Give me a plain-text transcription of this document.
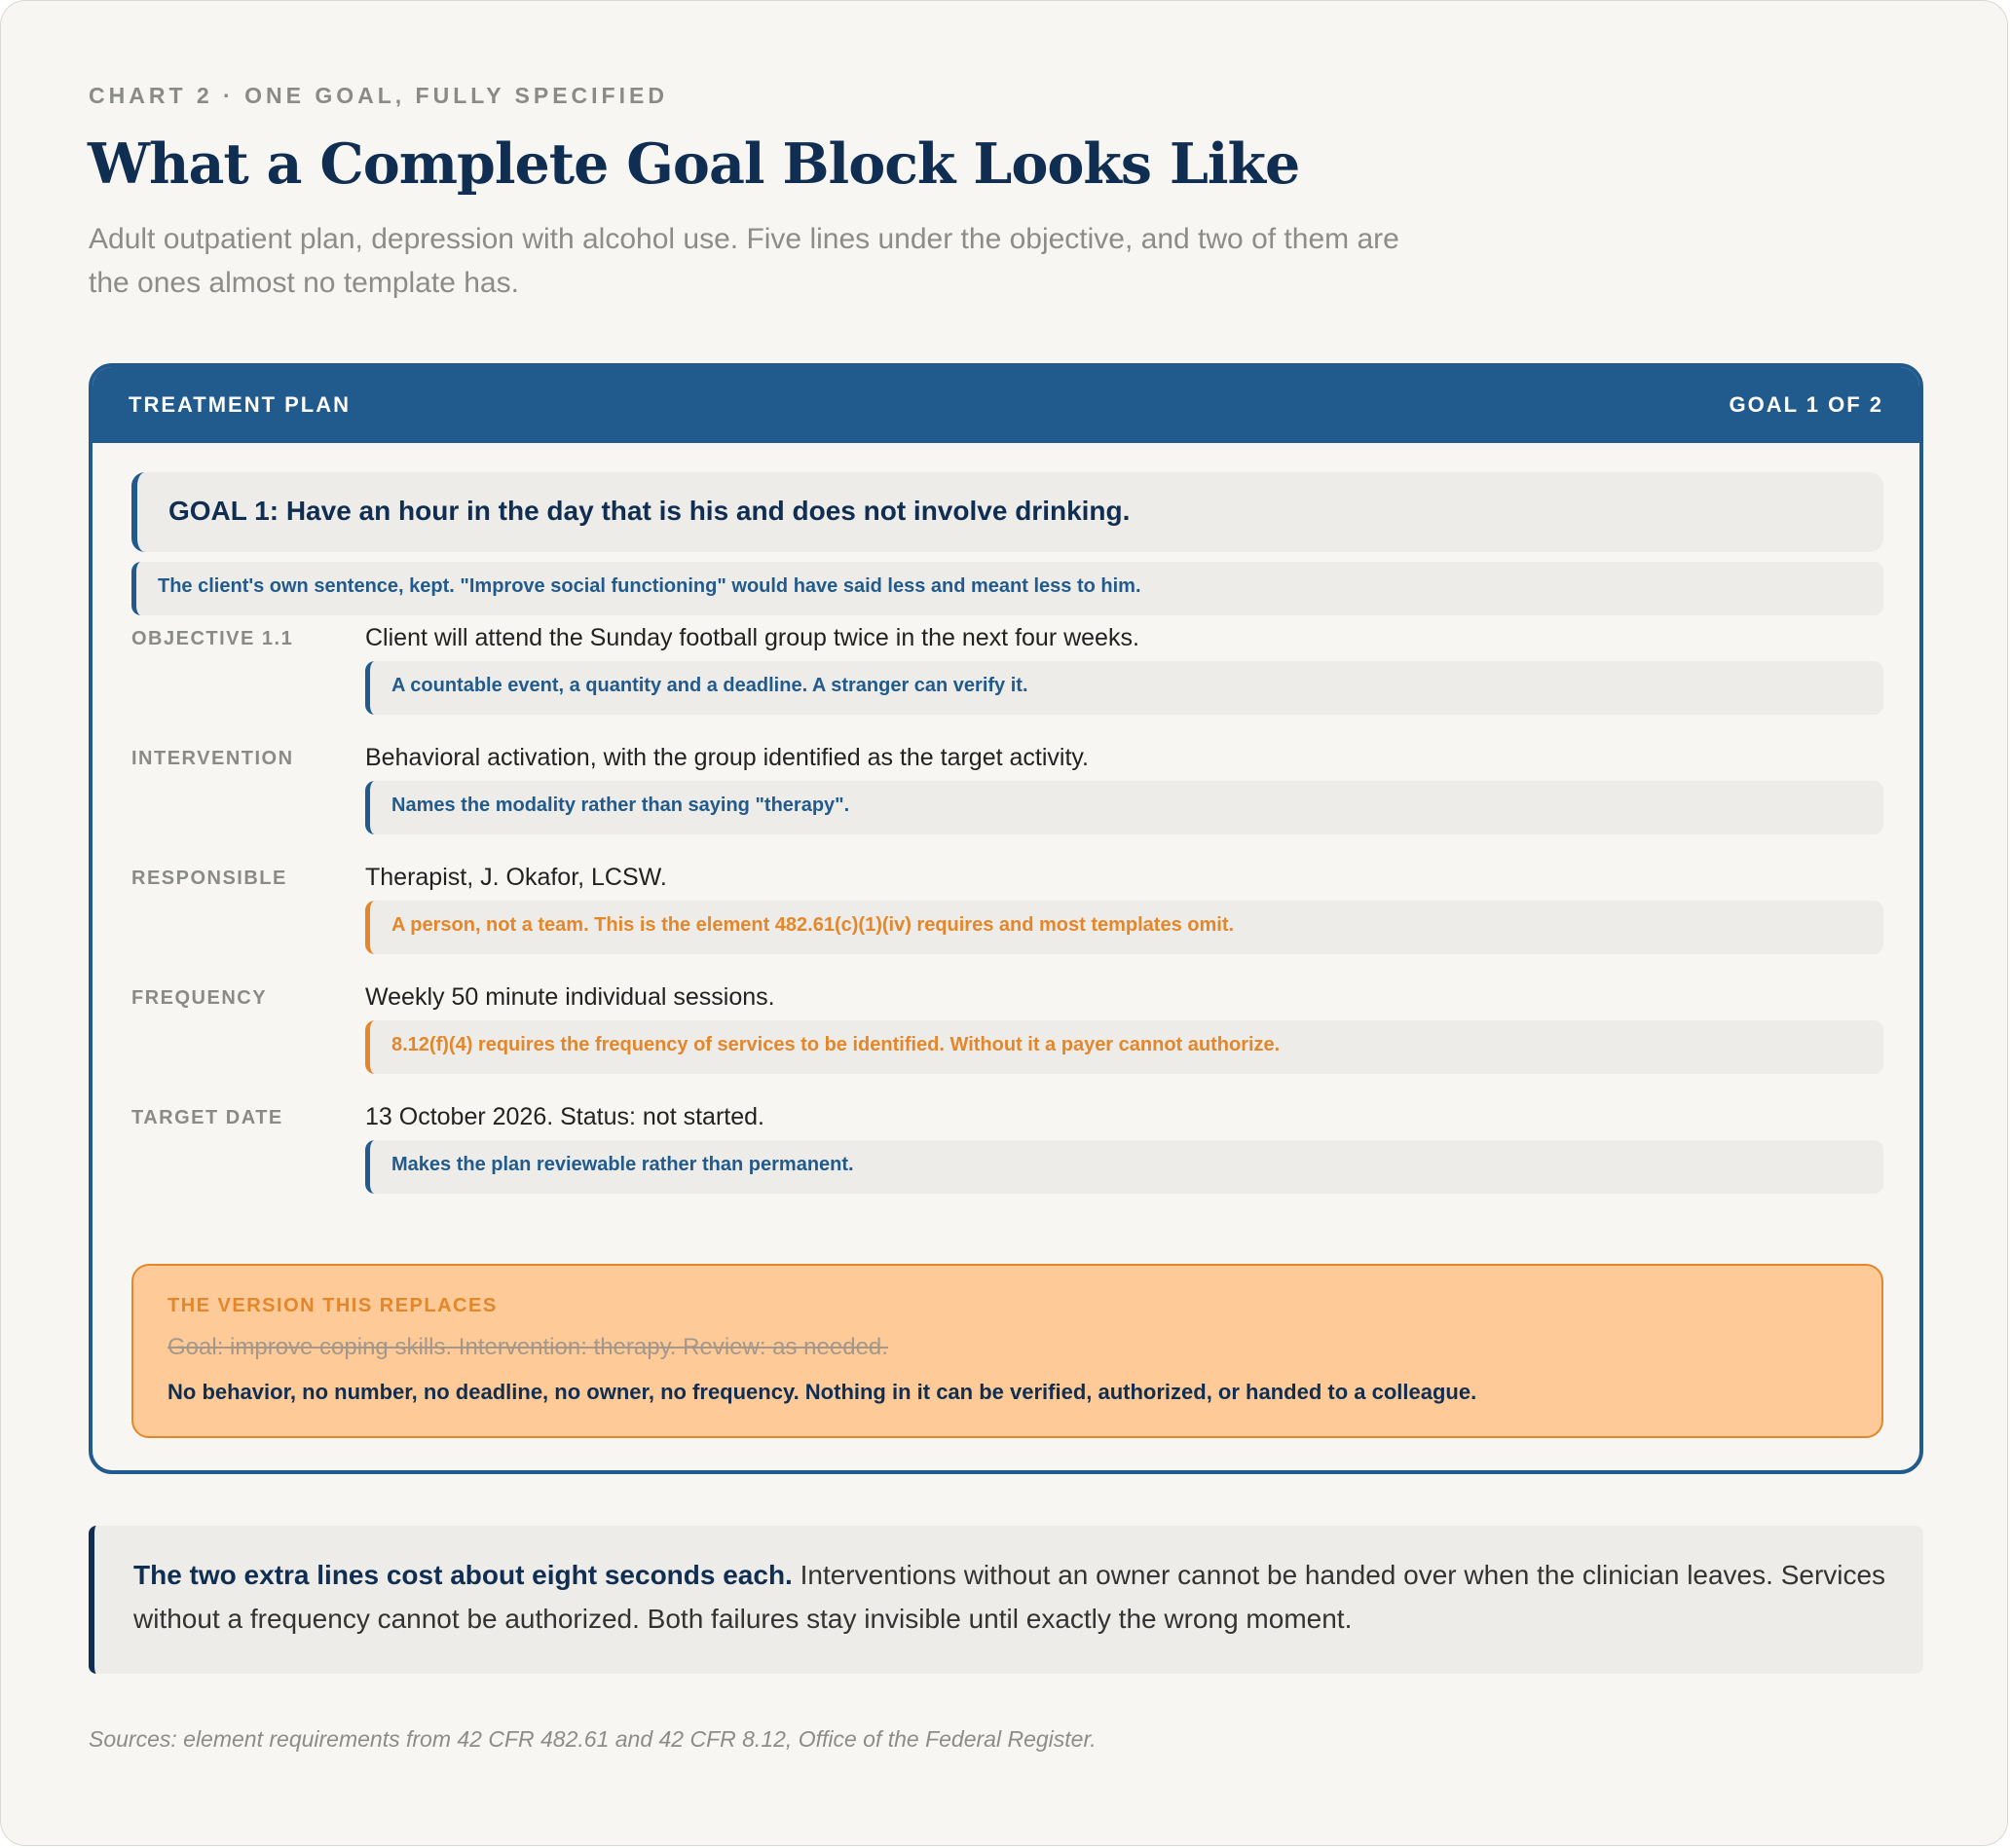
CHART 2 · ONE GOAL, FULLY SPECIFIED
What a Complete Goal Block Looks Like
Adult outpatient plan, depression with alcohol use. Five lines under the objective, and two of them are the ones almost no template has.
TREATMENT PLAN	GOAL 1 OF 2
GOAL 1: Have an hour in the day that is his and does not involve drinking.
The client's own sentence, kept. "Improve social functioning" would have said less and meant less to him.
OBJECTIVE 1.1	Client will attend the Sunday football group twice in the next four weeks.
A countable event, a quantity and a deadline. A stranger can verify it.
INTERVENTION	Behavioral activation, with the group identified as the target activity.
Names the modality rather than saying "therapy".
RESPONSIBLE	Therapist, J. Okafor, LCSW.
A person, not a team. This is the element 482.61(c)(1)(iv) requires and most templates omit.
FREQUENCY	Weekly 50 minute individual sessions.
8.12(f)(4) requires the frequency of services to be identified. Without it a payer cannot authorize.
TARGET DATE	13 October 2026. Status: not started.
Makes the plan reviewable rather than permanent.
THE VERSION THIS REPLACES
Goal: improve coping skills. Intervention: therapy. Review: as needed.
No behavior, no number, no deadline, no owner, no frequency. Nothing in it can be verified, authorized, or handed to a colleague.

The two extra lines cost about eight seconds each. Interventions without an owner cannot be handed over when the clinician leaves. Services without a frequency cannot be authorized. Both failures stay invisible until exactly the wrong moment.

Sources: element requirements from 42 CFR 482.61 and 42 CFR 8.12, Office of the Federal Register.
